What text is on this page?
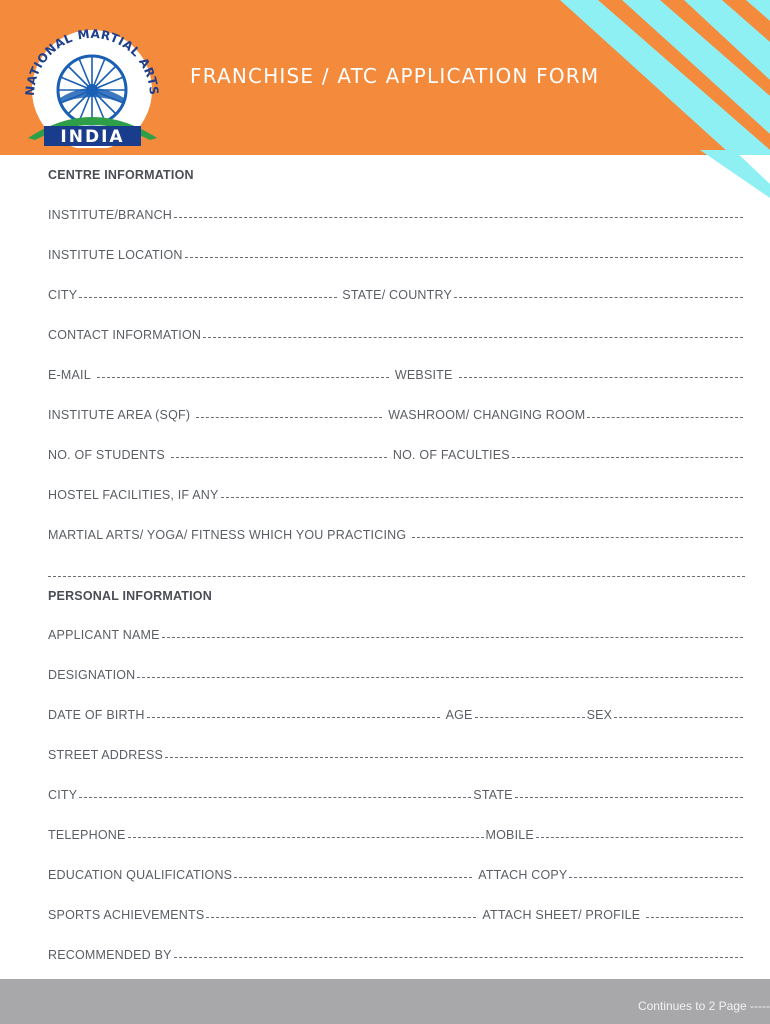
NATIONAL MARTIAL ARTS
INDIA
FRANCHISE / ATC APPLICATION FORM
CENTRE INFORMATION
INSTITUTE/BRANCH
INSTITUTE LOCATION
CITY	STATE/ COUNTRY
CONTACT INFORMATION
E-MAIL	WEBSITE
INSTITUTE AREA (SQF)	WASHROOM/ CHANGING ROOM
NO. OF STUDENTS	NO. OF FACULTIES
HOSTEL FACILITIES, IF ANY
MARTIAL ARTS/ YOGA/ FITNESS WHICH YOU PRACTICING
PERSONAL INFORMATION
APPLICANT NAME
DESIGNATION
DATE OF BIRTH	AGE	SEX
STREET ADDRESS
CITY	STATE
TELEPHONE	MOBILE
EDUCATION QUALIFICATIONS	ATTACH COPY
SPORTS ACHIEVEMENTS	ATTACH SHEET/ PROFILE
RECOMMENDED BY
Continues to 2 Page -----
